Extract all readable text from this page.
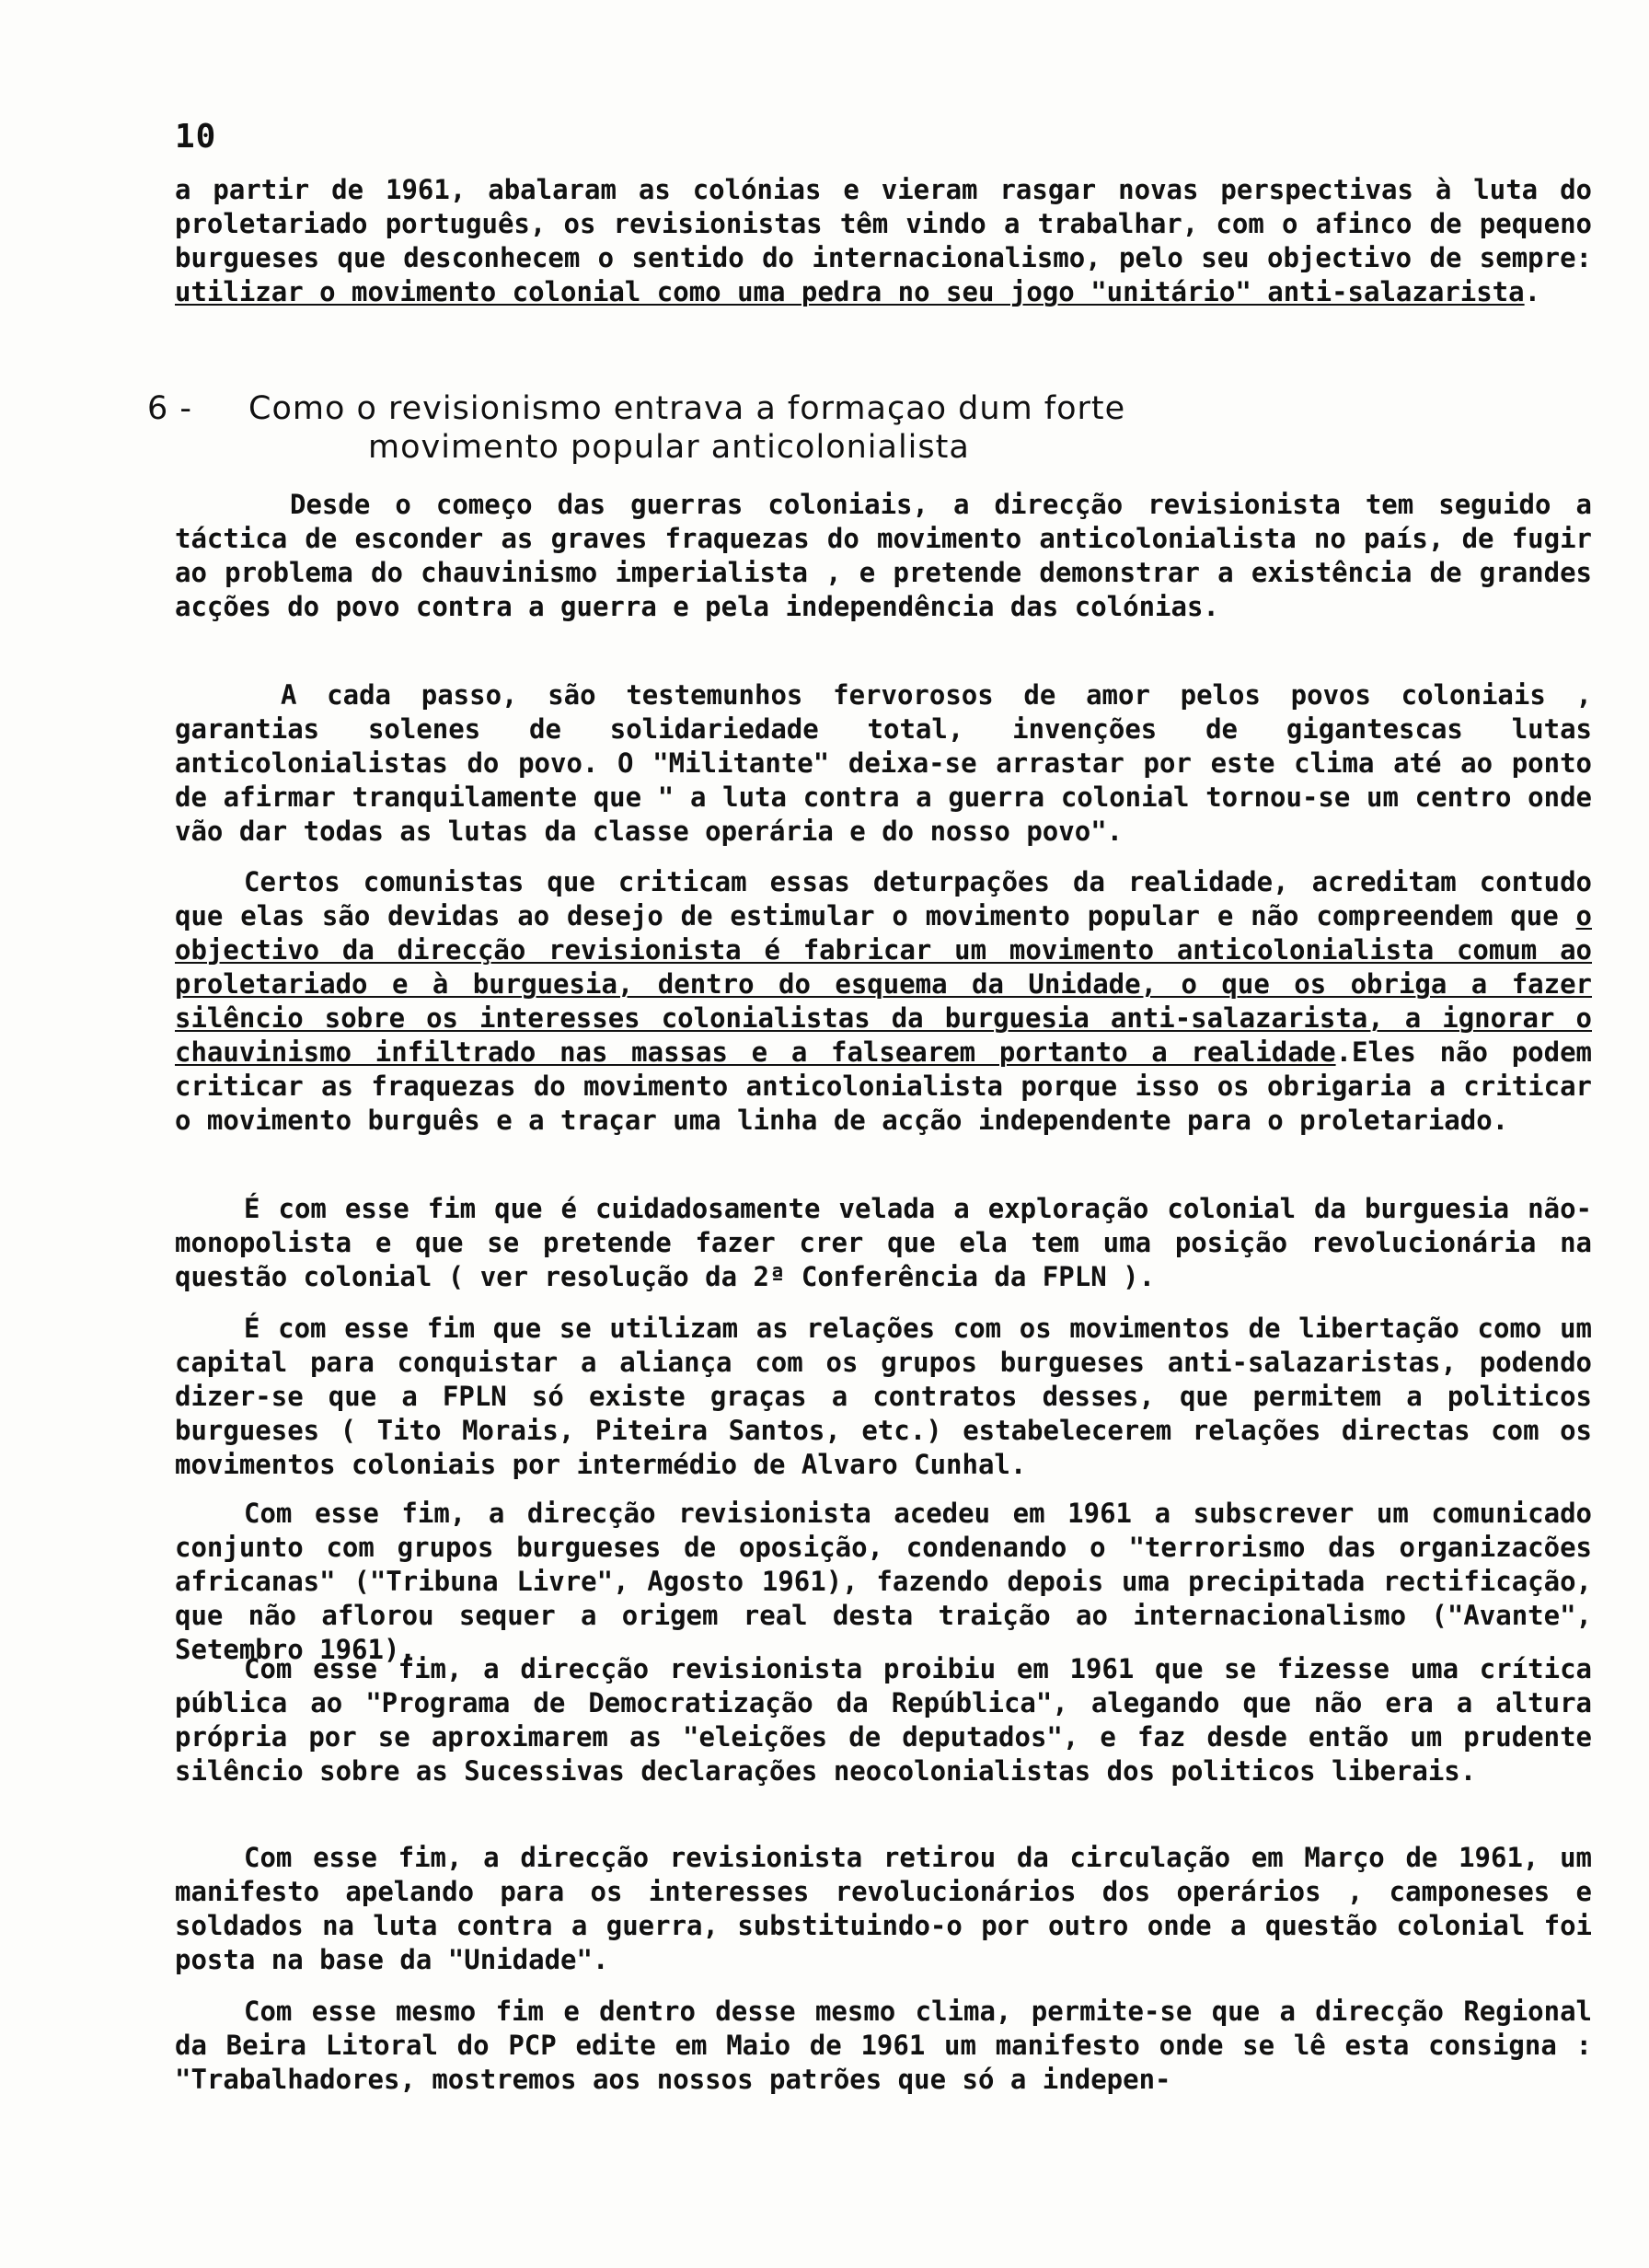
10
a partir de 1961, abalaram as colónias e vieram rasgar novas perspectivas à luta do proletariado português, os revisionistas têm vindo a trabalhar, com o afinco de pequeno burgueses que desconhecem o sentido do internacionalismo, pelo seu objectivo de sempre: utilizar o movimento colonial como uma pedra no seu jogo "unitário" anti-salazarista.
6 - Como o revisionismo entrava a formaçao dum forte
movimento popular anticolonialista
Desde o começo das guerras coloniais, a direcção revisionista tem seguido a táctica de esconder as graves fraquezas do movimento anticolonialista no país, de fugir ao problema do chauvinismo imperialista , e pretende demonstrar a existência de grandes acções do povo contra a guerra e pela independência das colónias.
A cada passo, são testemunhos fervorosos de amor pelos povos coloniais , garantias solenes de solidariedade total, invenções de gigantescas lutas anticolonialistas do povo. O "Militante" deixa-se arrastar por este clima até ao ponto de afirmar tranquilamente que " a luta contra a guerra colonial tornou-se um centro onde vão dar todas as lutas da classe operária e do nosso povo".
Certos comunistas que criticam essas deturpações da realidade, acreditam contudo que elas são devidas ao desejo de estimular o movimento popular e não compreendem que o objectivo da direcção revisionista é fabricar um movimento anticolonialista comum ao proletariado e à burguesia, dentro do esquema da Unidade, o que os obriga a fazer silêncio sobre os interesses colonialistas da burguesia anti-salazarista, a ignorar o chauvinismo infiltrado nas massas e a falsearem portanto a realidade.Eles não podem criticar as fraquezas do movimento anticolonialista porque isso os obrigaria a criticar o movimento burguês e a traçar uma linha de acção independente para o proletariado.
É com esse fim que é cuidadosamente velada a exploração colonial da burguesia não-monopolista e que se pretende fazer crer que ela tem uma posição revolucionária na questão colonial ( ver resolução da 2ª Conferência da FPLN ).
É com esse fim que se utilizam as relações com os movimentos de libertação como um capital para conquistar a aliança com os grupos burgueses anti-salazaristas, podendo dizer-se que a FPLN só existe graças a contratos desses, que permitem a politicos burgueses ( Tito Morais, Piteira Santos, etc.) estabelecerem relações directas com os movimentos coloniais por intermédio de Alvaro Cunhal.
Com esse fim, a direcção revisionista acedeu em 1961 a subscrever um comunicado conjunto com grupos burgueses de oposição, condenando o "terrorismo das organizacões africanas" ("Tribuna Livre", Agosto 1961), fazendo depois uma precipitada rectificação, que não aflorou sequer a origem real desta traição ao internacionalismo ("Avante", Setembro 1961).
Com esse fim, a direcção revisionista proibiu em 1961 que se fizesse uma crítica pública ao "Programa de Democratização da República", alegando que não era a altura própria por se aproximarem as "eleições de deputados", e faz desde então um prudente silêncio sobre as Sucessivas declarações neocolonialistas dos politicos liberais.
Com esse fim, a direcção revisionista retirou da circulação em Março de 1961, um manifesto apelando para os interesses revolucionários dos operários , camponeses e soldados na luta contra a guerra, substituindo-o por outro onde a questão colonial foi posta na base da "Unidade".
Com esse mesmo fim e dentro desse mesmo clima, permite-se que a direcção Regional da Beira Litoral do PCP edite em Maio de 1961 um manifesto onde se lê esta consigna : "Trabalhadores, mostremos aos nossos patrões que só a indepen-
